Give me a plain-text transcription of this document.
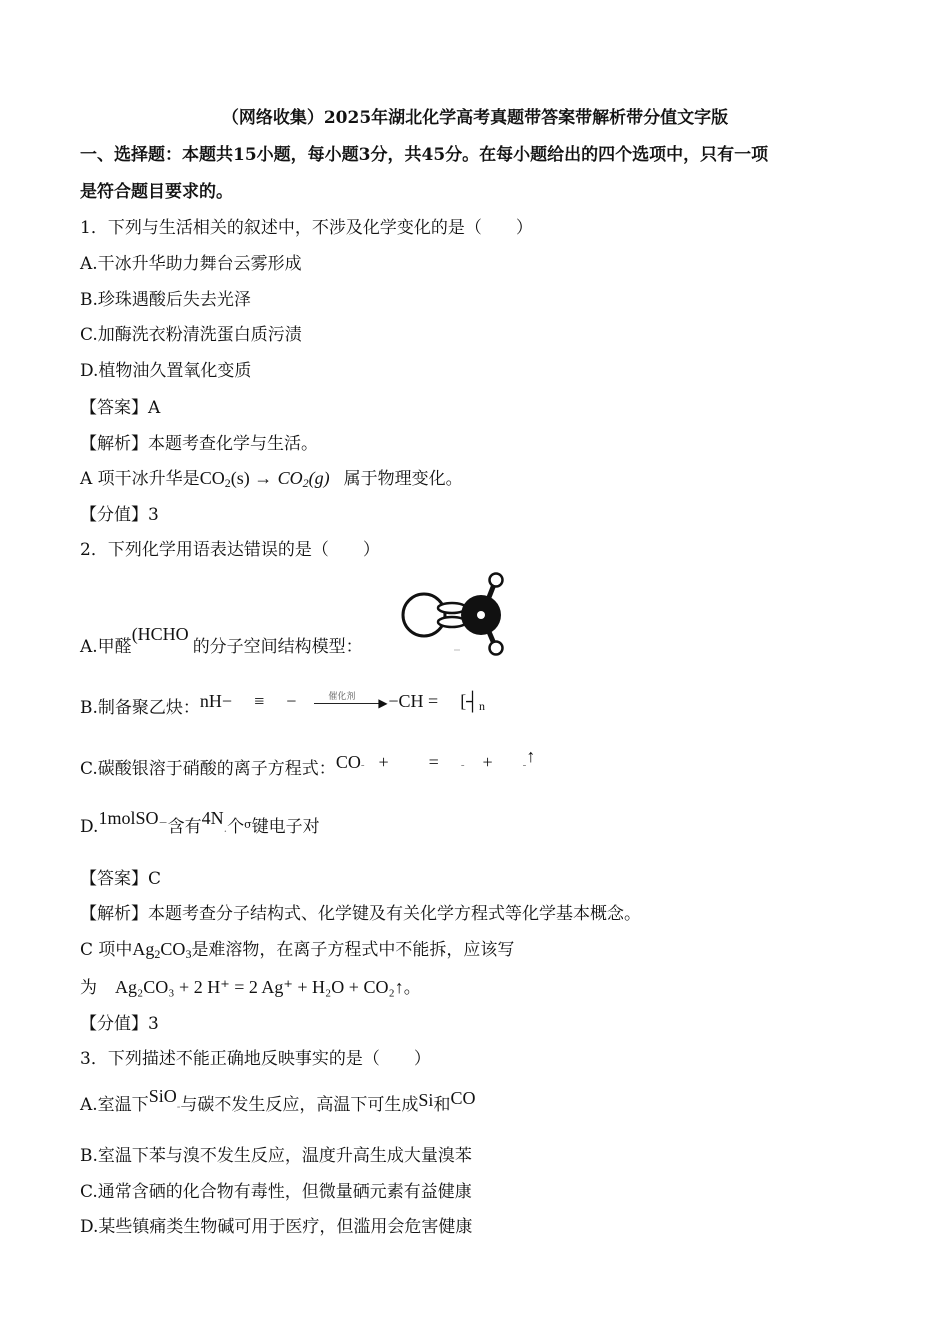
（网络收集）2025年湖北化学高考真题带答案带解析带分值文字版
一、选择题：本题共15小题，每小题3分，共45分。在每小题给出的四个选项中，只有一项
是符合题目要求的。
1．下列与生活相关的叙述中，不涉及化学变化的是（　　）
A.干冰升华助力舞台云雾形成
B.珍珠遇酸后失去光泽
C.加酶洗衣粉清洗蛋白质污渍
D.植物油久置氧化变质
【答案】A
【解析】本题考查化学与生活。
A 项干冰升华是$CO_2(s) \to CO_2(g)$ 属于物理变化。
【分值】3
2．下列化学用语表达错误的是（　　）
A.甲醛(HCHO的分子空间结构模型：
B.制备聚乙炔：nH− ≡ −	催化剂 ▶ $-CH = [┤_n$
C.碳酸银溶于硝酸的离子方程式：CO- + = - +	-↑
D.1molSO−含有4N.个$^\sigma$键电子对
【答案】C
【解析】本题考查分子结构式、化学键及有关化学方程式等化学基本概念。
C 项中$Ag_2CO_3$是难溶物，在离子方程式中不能拆，应该写
为 Ag₂CO₃ + 2 H⁺ = 2 Ag⁺ + H₂O + CO₂↑。
【分值】3
3．下列描述不能正确地反映事实的是（　　）
A.室温下SiO-与碳不发生反应，高温下可生成Si和CO
B.室温下苯与溴不发生反应，温度升高生成大量溴苯
C.通常含硒的化合物有毒性，但微量硒元素有益健康
D.某些镇痛类生物碱可用于医疗，但滥用会危害健康
